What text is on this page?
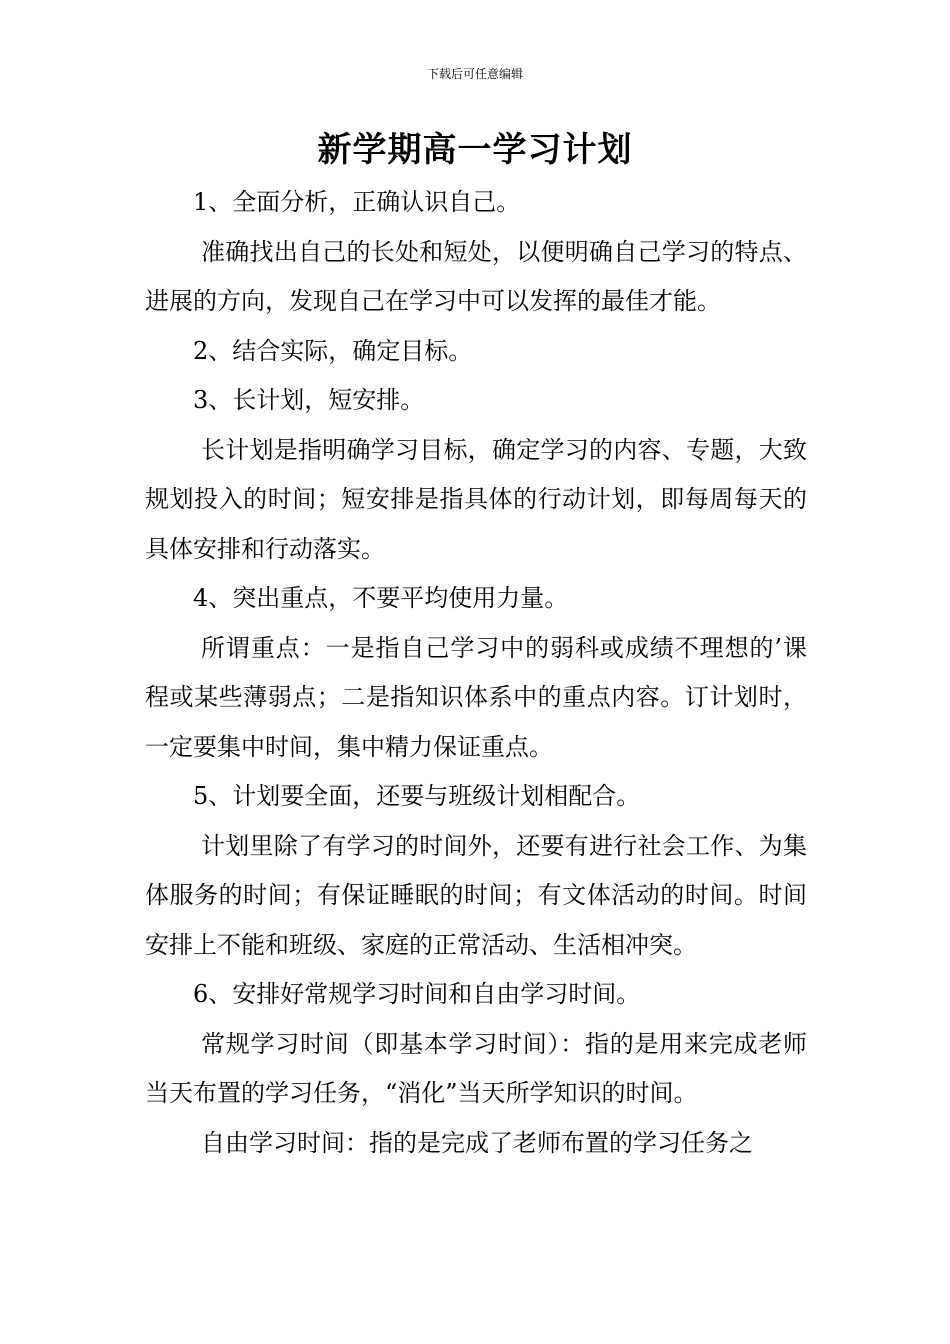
下载后可任意编辑
新学期高一学习计划

1、全面分析，正确认识自己。

准确找出自己的长处和短处，以便明确自己学习的特点、进展的方向，发现自己在学习中可以发挥的最佳才能。

2、结合实际，确定目标。

3、长计划，短安排。

长计划是指明确学习目标，确定学习的内容、专题，大致规划投入的时间；短安排是指具体的行动计划，即每周每天的具体安排和行动落实。

4、突出重点，不要平均使用力量。

所谓重点：一是指自己学习中的弱科或成绩不理想的’课程或某些薄弱点；二是指知识体系中的重点内容。订计划时，一定要集中时间，集中精力保证重点。

5、计划要全面，还要与班级计划相配合。

计划里除了有学习的时间外，还要有进行社会工作、为集体服务的时间；有保证睡眠的时间；有文体活动的时间。时间安排上不能和班级、家庭的正常活动、生活相冲突。

6、安排好常规学习时间和自由学习时间。

常规学习时间（即基本学习时间）：指的是用来完成老师当天布置的学习任务，“消化”当天所学知识的时间。

自由学习时间：指的是完成了老师布置的学习任务之
